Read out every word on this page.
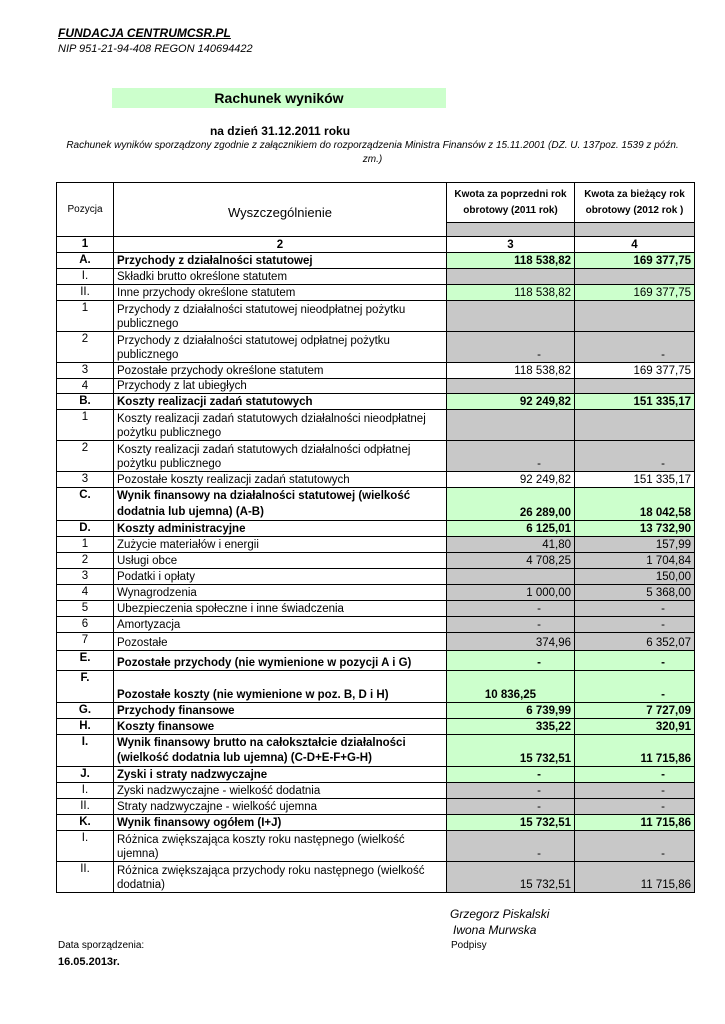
FUNDACJA CENTRUMCSR.PL
NIP 951-21-94-408 REGON 140694422
Rachunek wyników
na dzień 31.12.2011 roku
Rachunek wyników sporządzony zgodnie z załącznikiem do rozporządzenia Ministra Finansów z 15.11.2001 (DZ. U. 137poz. 1539 z późn. zm.)
Pozycja	Wyszczególnienie	Kwota za poprzedni rok obrotowy (2011 rok)	Kwota za bieżący rok obrotowy (2012 rok )

1	2	3	4
A.	Przychody z działalności statutowej	118 538,82	169 377,75
I.	Składki brutto określone statutem		
II.	Inne przychody określone statutem	118 538,82	169 377,75
1	Przychody z działalności statutowej nieodpłatnej pożytku publicznego		
2	Przychody z działalności statutowej odpłatnej pożytku publicznego	-	-
3	Pozostałe przychody określone statutem	118 538,82	169 377,75
4	Przychody z lat ubiegłych		
B.	Koszty realizacji zadań statutowych	92 249,82	151 335,17
1	Koszty realizacji zadań statutowych działalności nieodpłatnej pożytku publicznego		
2	Koszty realizacji zadań statutowych działalności odpłatnej pożytku publicznego	-	-
3	Pozostałe koszty realizacji zadań statutowych	92 249,82	151 335,17
C.	Wynik finansowy na działalności statutowej (wielkość dodatnia lub ujemna) (A-B)	26 289,00	18 042,58
D.	Koszty administracyjne	6 125,01	13 732,90
1	Zużycie materiałów i energii	41,80	157,99
2	Usługi obce	4 708,25	1 704,84
3	Podatki i opłaty		150,00
4	Wynagrodzenia	1 000,00	5 368,00
5	Ubezpieczenia społeczne i inne świadczenia	-	-
6	Amortyzacja	-	-
7	Pozostałe	374,96	6 352,07
E.	Pozostałe przychody (nie wymienione w pozycji A i G)	-	-
F.	Pozostałe koszty (nie wymienione w poz. B, D i H)	10 836,25	-
G.	Przychody finansowe	6 739,99	7 727,09
H.	Koszty finansowe	335,22	320,91
I.	Wynik finansowy brutto na całokształcie działalności (wielkość dodatnia lub ujemna) (C-D+E-F+G-H)	15 732,51	11 715,86
J.	Zyski i straty nadzwyczajne	-	-
I.	Zyski nadzwyczajne - wielkość dodatnia	-	-
II.	Straty nadzwyczajne - wielkość ujemna	-	-
K.	Wynik finansowy ogółem (I+J)	15 732,51	11 715,86
I.	Różnica zwiększająca koszty roku następnego (wielkość ujemna)	-	-
II.	Różnica zwiększająca przychody roku następnego (wielkość dodatnia)	15 732,51	11 715,86
Grzegorz Piskalski
Iwona Murwska
Podpisy
Data sporządzenia:
16.05.2013r.
